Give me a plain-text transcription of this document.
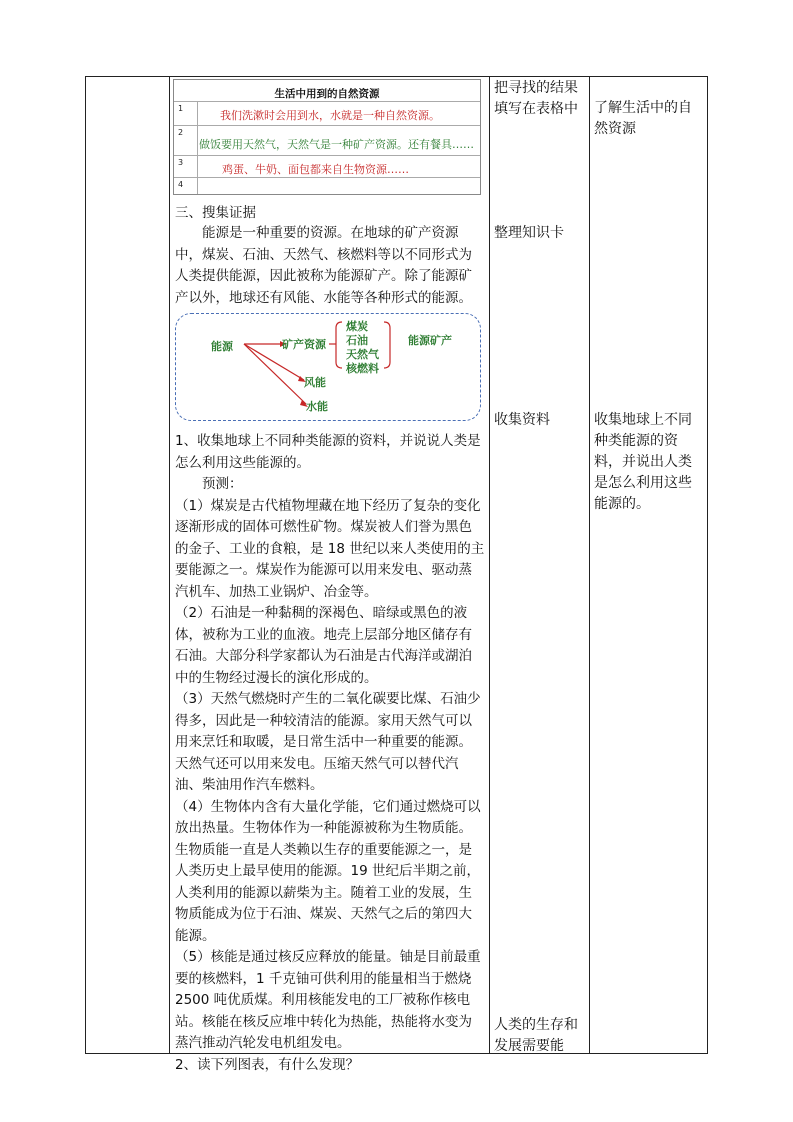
生活中用到的自然资源
1
我们洗漱时会用到水，水就是一种自然资源。
2
做饭要用天然气，天然气是一种矿产资源。还有餐具……
3
鸡蛋、牛奶、面包都来自生物资源……
4
三、搜集证据

能源是一种重要的资源。在地球的矿产资源中，煤炭、石油、天然气、核燃料等以不同形式为人类提供能源，因此被称为能源矿产。除了能源矿产以外，地球还有风能、水能等各种形式的能源。

能源	矿产资源
煤炭
石油
天然气
核燃料
能源矿产
风能
水能

1、收集地球上不同种类能源的资料，并说说人类是怎么利用这些能源的。

预测：

（1）煤炭是古代植物埋藏在地下经历了复杂的变化逐渐形成的固体可燃性矿物。煤炭被人们誉为黑色的金子、工业的食粮，是 18 世纪以来人类使用的主要能源之一。煤炭作为能源可以用来发电、驱动蒸汽机车、加热工业锅炉、冶金等。

（2）石油是一种黏稠的深褐色、暗绿或黑色的液体，被称为工业的血液。地壳上层部分地区储存有石油。大部分科学家都认为石油是古代海洋或湖泊中的生物经过漫长的演化形成的。

（3）天然气燃烧时产生的二氧化碳要比煤、石油少得多，因此是一种较清洁的能源。家用天然气可以用来烹饪和取暖，是日常生活中一种重要的能源。天然气还可以用来发电。压缩天然气可以替代汽油、柴油用作汽车燃料。

（4）生物体内含有大量化学能，它们通过燃烧可以放出热量。生物体作为一种能源被称为生物质能。生物质能一直是人类赖以生存的重要能源之一，是人类历史上最早使用的能源。19 世纪后半期之前，人类利用的能源以薪柴为主。随着工业的发展，生物质能成为位于石油、煤炭、天然气之后的第四大能源。

（5）核能是通过核反应释放的能量。铀是目前最重要的核燃料，1 千克铀可供利用的能量相当于燃烧 2500 吨优质煤。利用核能发电的工厂被称作核电站。核能在核反应堆中转化为热能，热能将水变为蒸汽推动汽轮发电机组发电。

2、读下列图表，有什么发现？

把寻找的结果填写在表格中
整理知识卡
收集资料
人类的生存和发展需要能
了解生活中的自然资源
收集地球上不同种类能源的资料，并说出人类是怎么利用这些能源的。
